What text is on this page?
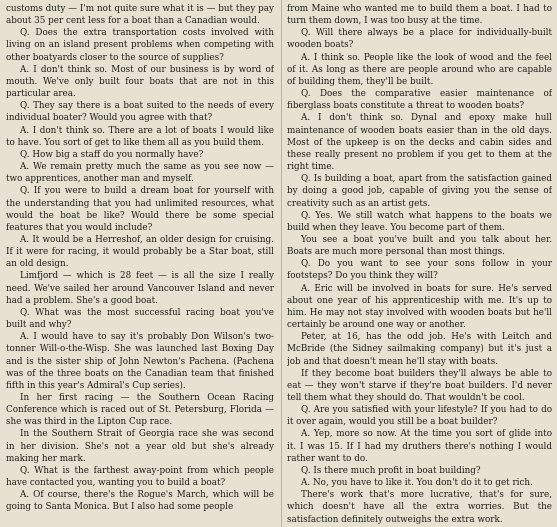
customs duty — I'm not quite sure what it is — but they pay about 35 per cent less for a boat than a Canadian would.

Q. Does the extra transportation costs involved with living on an island present problems when competing with other boatyards closer to the source of supplies?

A. I don't think so. Most of our business is by word of mouth. We've only built four boats that are not in this particular area.

Q. They say there is a boat suited to the needs of every individual boater? Would you agree with that?

A. I don't think so. There are a lot of boats I would like to have. You sort of get to like them all as you build them.

Q. How big a staff do you normally have?

A. We remain pretty much the same as you see now — two apprentices, another man and myself.

Q. If you were to build a dream boat for yourself with the understanding that you had unlimited resources, what would the boat be like? Would there be some special features that you would include?

A. It would be a Herreshof, an older design for cruising. If it were for racing, it would probably be a Star boat, still an old design.

Limfjord — which is 28 feet — is all the size I really need. We've sailed her around Vancouver Island and never had a problem. She's a good boat.

Q. What was the most successful racing boat you've built and why?

A. I would have to say it's probably Don Wilson's two-tonner Will-o-the-Wisp. She was launched last Boxing Day and is the sister ship of John Newton's Pachena. (Pachena was of the three boats on the Canadian team that finished fifth in this year's Admiral's Cup series).

In her first racing — the Southern Ocean Racing Conference which is raced out of St. Petersburg, Florida — she was third in the Lipton Cup race.

In the Southern Strait of Georgia race she was second in her division. She's not a year old but she's already making her mark.

Q. What is the farthest away-point from which people have contacted you, wanting you to build a boat?

A. Of course, there's the Rogue's March, which will be going to Santa Monica. But I also had some people

from Maine who wanted me to build them a boat. I had to turn them down, I was too busy at the time.

Q. Will there always be a place for individually-built wooden boats?

A. I think so. People like the look of wood and the feel of it. As long as there are people around who are capable of building them, they'll be built.

Q. Does the comparative easier maintenance of fiberglass boats constitute a threat to wooden boats?

A. I don't think so. Dynal and epoxy make hull maintenance of wooden boats easier than in the old days. Most of the upkeep is on the decks and cabin sides and these really present no problem if you get to them at the right time.

Q. Is building a boat, apart from the satisfaction gained by doing a good job, capable of giving you the sense of creativity such as an artist gets.

Q. Yes. We still watch what happens to the boats we build when they leave. You become part of them.

You see a boat you've built and you talk about her. Boats are much more personal than most things.

Q. Do you want to see your sons follow in your footsteps? Do you think they will?

A. Eric will be involved in boats for sure. He's served about one year of his apprenticeship with me. It's up to him. He may not stay involved with wooden boats but he'll certainly be around one way or another.

Peter, at 16, has the odd job. He's with Leitch and McBride (the Sidney sailmaking company) but it's just a job and that doesn't mean he'll stay with boats.

If they become boat builders they'll always be able to eat — they won't starve if they're boat builders. I'd never tell them what they should do. That wouldn't be cool.

Q. Are you satisfied with your lifestyle? If you had to do it over again, would you still be a boat builder?

A. Yep, more so now. At the time you sort of glide into it. I was 15. If I had my druthers there's nothing I would rather want to do.

Q. Is there much profit in boat building?

A. No, you have to like it. You don't do it to get rich.

There's work that's more lucrative, that's for sure, which doesn't have all the extra worries. But the satisfaction definitely outweighs the extra work.
